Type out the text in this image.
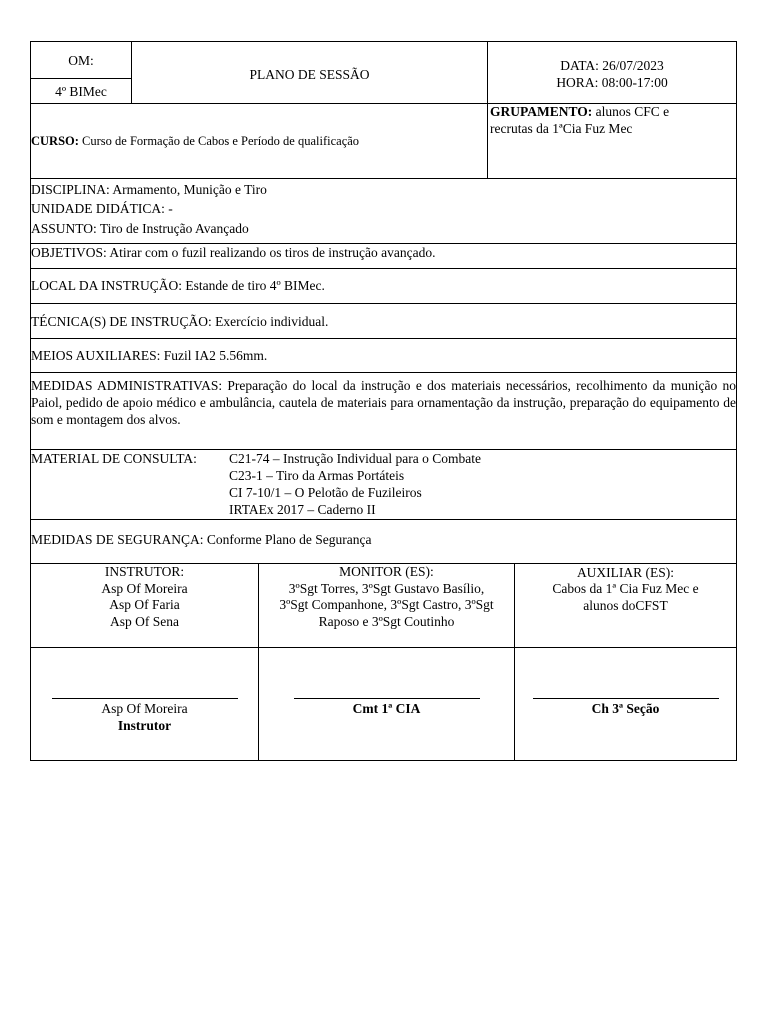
OM:
4º BIMec
PLANO DE SESSÃO
DATA: 26/07/2023
HORA: 08:00-17:00
CURSO: Curso de Formação de Cabos e Período de qualificação
GRUPAMENTO: alunos CFC e
recrutas da 1ªCia Fuz Mec
DISCIPLINA: Armamento, Munição e Tiro
UNIDADE DIDÁTICA: -
ASSUNTO: Tiro de Instrução Avançado
OBJETIVOS: Atirar com o fuzil realizando os tiros de instrução avançado.
LOCAL DA INSTRUÇÃO: Estande de tiro 4º BIMec.
TÉCNICA(S) DE INSTRUÇÃO: Exercício individual.
MEIOS AUXILIARES: Fuzil IA2 5.56mm.
MEDIDAS ADMINISTRATIVAS: Preparação do local da instrução e dos materiais necessários, recolhimento da munição no Paiol, pedido de apoio médico e ambulância, cautela de materiais para ornamentação da instrução, preparação do equipamento de som e montagem dos alvos.
MATERIAL DE CONSULTA: C21-74 – Instrução Individual para o Combate
C23-1 – Tiro da Armas Portáteis
CI 7-10/1 – O Pelotão de Fuzileiros
IRTAEx 2017 – Caderno II
MEDIDAS DE SEGURANÇA: Conforme Plano de Segurança
INSTRUTOR:
Asp Of Moreira
Asp Of Faria
Asp Of Sena
MONITOR (ES):
3ºSgt Torres, 3ºSgt Gustavo Basílio,
3ºSgt Companhone, 3ºSgt Castro, 3ºSgt
Raposo e 3ºSgt Coutinho
AUXILIAR (ES):
Cabos da 1ª Cia Fuz Mec e
alunos doCFST
Asp Of Moreira
Instrutor
Cmt 1ª CIA	Ch 3ª Seção
